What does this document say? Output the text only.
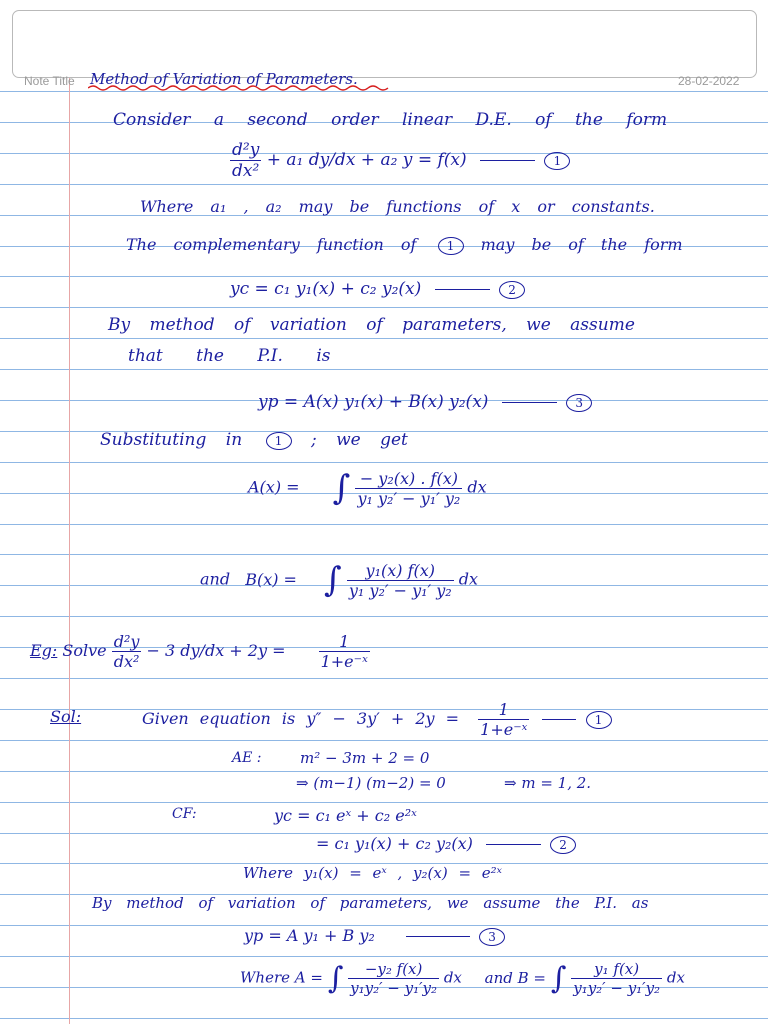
Note Title	28-02-2022
Method of Variation of Parameters.
Consider a second order linear D.E. of the form
$\frac{\text{d²y}}{\text{dx²}} + a_1$ dy/dx + a₂ y = f(x)	1
Where a₁ , a₂ may be functions of x or constants.
The complementary function of	1 may be of the form
yc = c₁ y₁(x) + c₂ y₂(x)	2
By method of variation of parameters, we assume
that the P.I. is
yp = A(x) y₁(x) + B(x) y₂(x)	3
Substituting in	1 ; we get
A(x) = ∫ $\frac{\text{− y₂(x) . f(x)}}{\text{y₁ y₂′ − y₁′ y₂}}$ dx
and B(x) = ∫ $\frac{\text{y₁(x) f(x)}}{\text{y₁ y₂′ − y₁′ y₂}}$ dx
Eg: Solve $\frac{\text{d²y}}{\text{dx²}} - 3$ $dy/dx + 2y = \frac{1}{\text{1+e⁻ˣ}}$
Sol:	Given equation is $y'' - 3y' + 2y = \frac{1}{\text{1+e⁻ˣ}}$	1
AE :	m² − 3m + 2 = 0
⇒ (m−1) (m−2) = 0	⇒ m = 1, 2.
CF:	yc = c₁ eˣ + c₂ e²ˣ
= c₁ y₁(x) + c₂ y₂(x)	2
Where y₁(x) = eˣ , y₂(x) = e²ˣ
By method of variation of parameters, we assume the P.I. as
yp = A y₁ + B y₂	3
Where A = ∫ $\frac{\text{−y₂ f(x)}}{\text{y₁y₂′ − y₁′y₂}}$ dx and B = ∫ $\frac{\text{y₁ f(x)}}{\text{y₁y₂′ − y₁′y₂}}$ dx
